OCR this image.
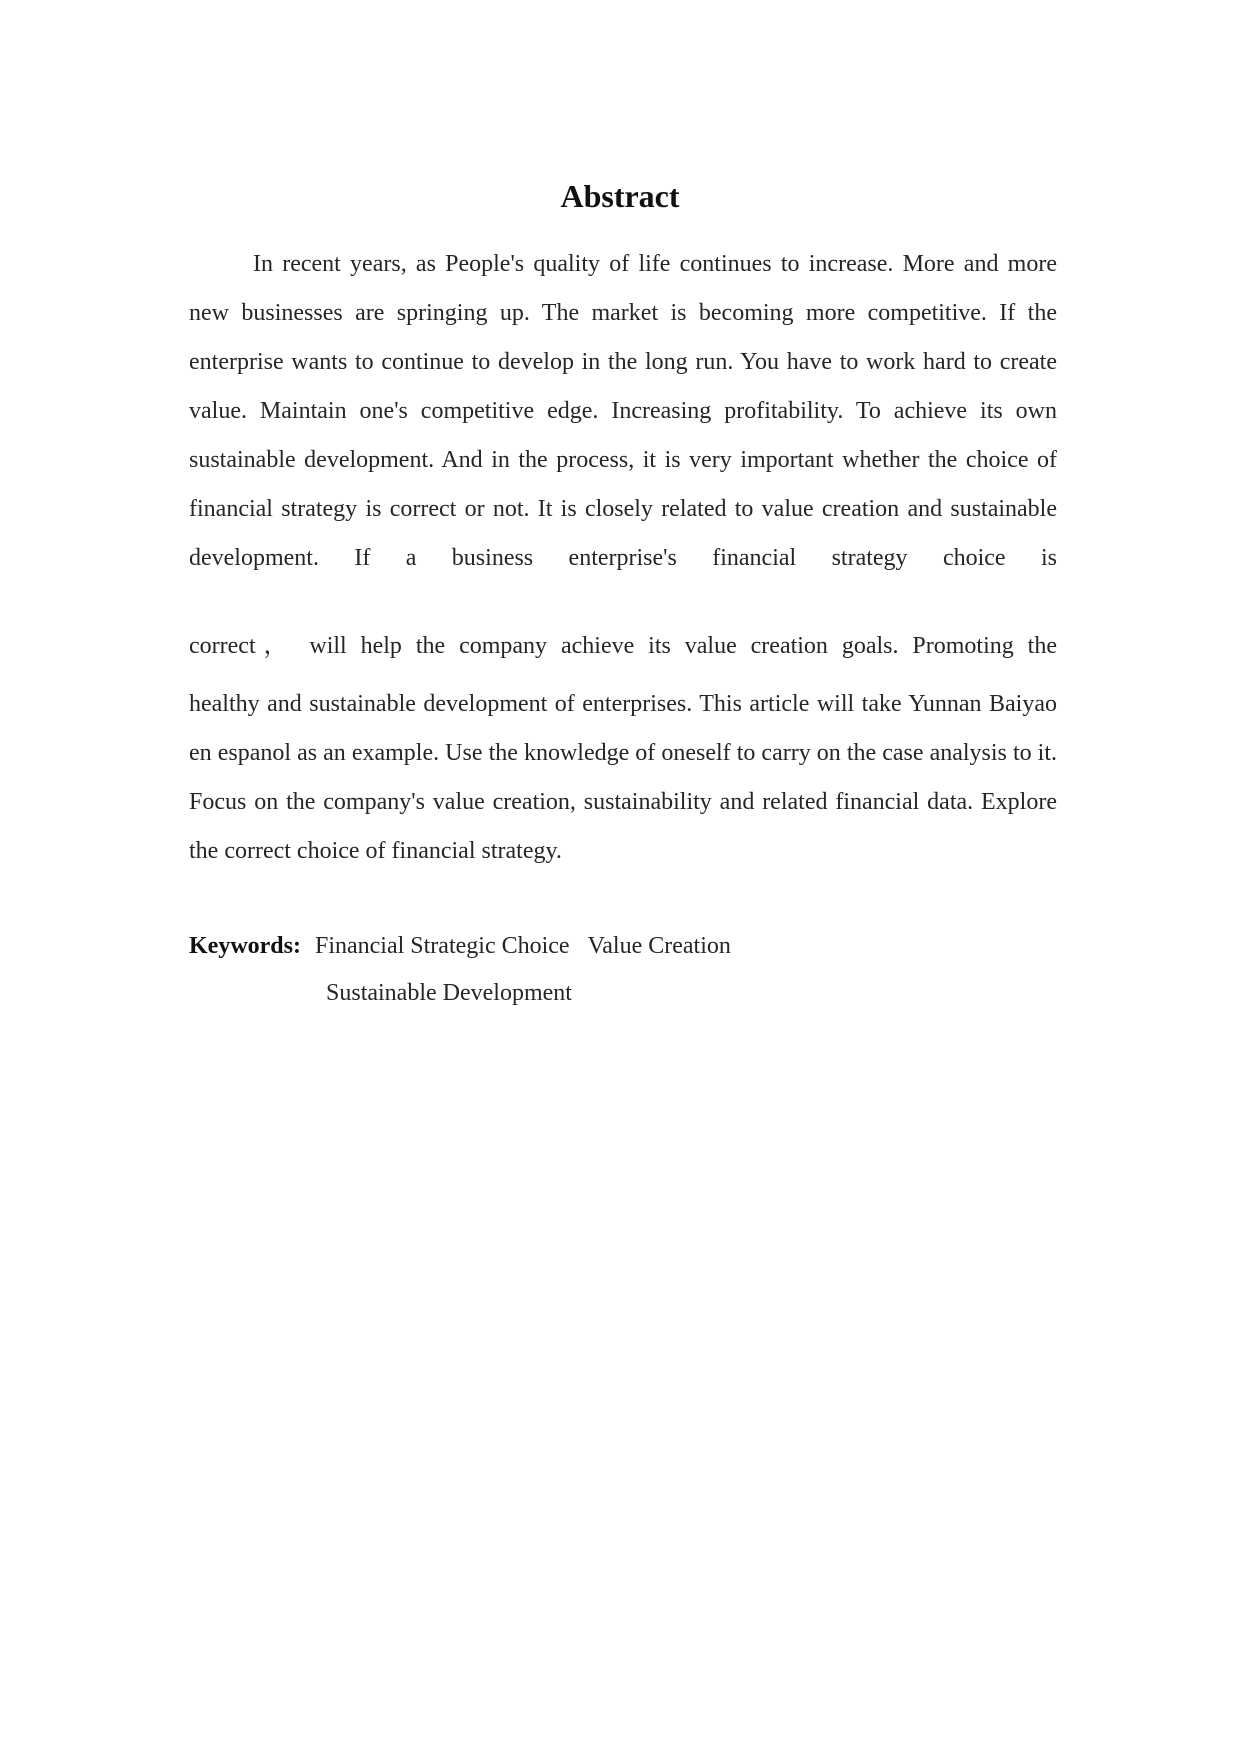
Abstract

In recent years, as People's quality of life continues to increase. More and more new businesses are springing up. The market is becoming more competitive. If the enterprise wants to continue to develop in the long run. You have to work hard to create value. Maintain one's competitive edge. Increasing profitability. To achieve its own sustainable development. And in the process, it is very important whether the choice of financial strategy is correct or not. It is closely related to value creation and sustainable development. If a business enterprise's financial strategy choice is

correct， will help the company achieve its value creation goals. Promoting the

healthy and sustainable development of enterprises. This article will take Yunnan Baiyao en espanol as an example. Use the knowledge of oneself to carry on the case analysis to it. Focus on the company's value creation, sustainability and related financial data. Explore the correct choice of financial strategy.

Keywords: Financial Strategic Choice Value Creation
Sustainable Development
